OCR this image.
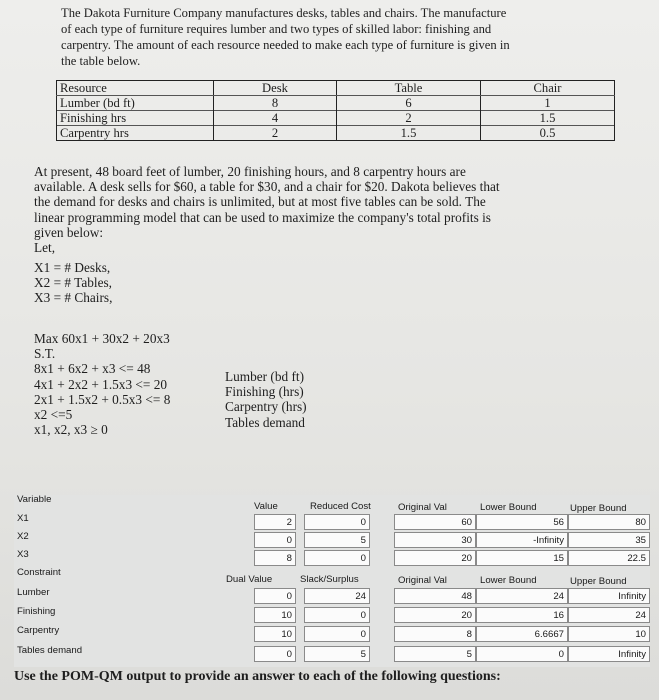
The Dakota Furniture Company manufactures desks, tables and chairs. The manufacture
of each type of furniture requires lumber and two types of skilled labor: finishing and
carpentry. The amount of each resource needed to make each type of furniture is given in
the table below.
Resource	Desk	Table	Chair
Lumber (bd ft)	8	6	1
Finishing hrs	4	2	1.5
Carpentry hrs	2	1.5	0.5
At present, 48 board feet of lumber, 20 finishing hours, and 8 carpentry hours are
available. A desk sells for $60, a table for $30, and a chair for $20. Dakota believes that
the demand for desks and chairs is unlimited, but at most five tables can be sold. The
linear programming model that can be used to maximize the company's total profits is
given below:
Let,
X1 = # Desks,
X2 = # Tables,
X3 = # Chairs,
Max 60x1 + 30x2 + 20x3
S.T.
8x1 + 6x2 + x3 <= 48
4x1 + 2x2 + 1.5x3 <= 20
2x1 + 1.5x2 + 0.5x3 <= 8
x2 <=5
x1, x2, x3 ≥ 0
Lumber (bd ft)
Finishing (hrs)
Carpentry (hrs)
Tables demand
Variable
Value	Reduced Cost	Original Val	Lower Bound	Upper Bound
X1	2	0	60	56	80
X2	0	5	30	-Infinity	35
X3	8	0	20	15	22.5
Constraint
Dual Value	Slack/Surplus	Original Val	Lower Bound	Upper Bound
Lumber	0	24	48	24	Infinity
Finishing	10	0	20	16	24
Carpentry	10	0	8	6.6667	10
Tables demand	0	5	5	0	Infinity
Use the POM-QM output to provide an answer to each of the following questions:
